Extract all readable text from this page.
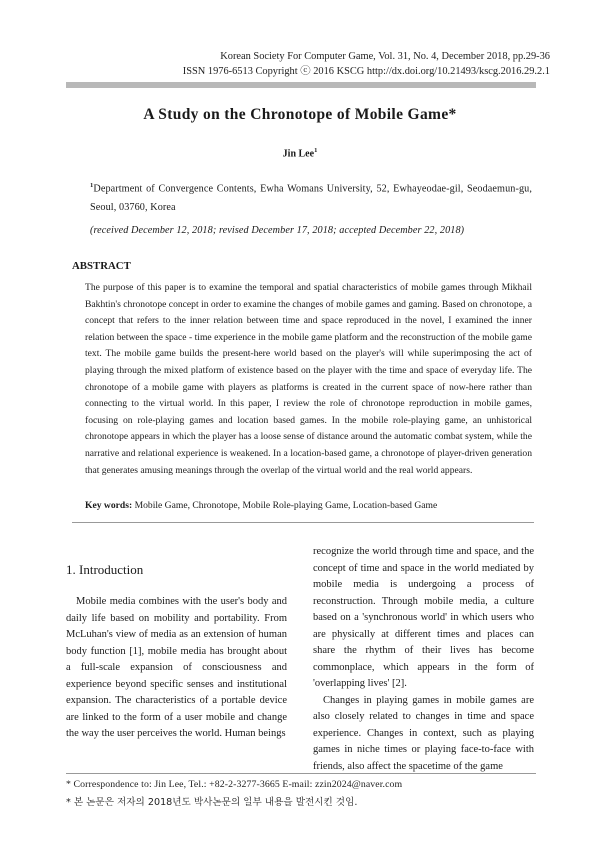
Korean Society For Computer Game, Vol. 31, No. 4, December 2018, pp.29-36
ISSN 1976-6513 Copyright ⓒ 2016 KSCG http://dx.doi.org/10.21493/kscg.2016.29.2.1
A Study on the Chronotope of Mobile Game*
Jin Lee$^1$
$^1$Department of Convergence Contents, Ewha Womans University, 52, Ewhayeodae-gil, Seodaemun-gu, Seoul, 03760, Korea
(received December 12, 2018; revised December 17, 2018; accepted December 22, 2018)
ABSTRACT
The purpose of this paper is to examine the temporal and spatial characteristics of mobile games through Mikhail Bakhtin's chronotope concept in order to examine the changes of mobile games and gaming. Based on chronotope, a concept that refers to the inner relation between time and space reproduced in the novel, I examined the inner relation between the space - time experience in the mobile game platform and the reconstruction of the mobile game text. The mobile game builds the present-here world based on the player's will while superimposing the act of playing through the mixed platform of existence based on the player with the time and space of everyday life. The chronotope of a mobile game with players as platforms is created in the current space of now-here rather than connecting to the virtual world. In this paper, I review the role of chronotope reproduction in mobile games, focusing on role-playing games and location based games. In the mobile role-playing game, an unhistorical chronotope appears in which the player has a loose sense of distance around the automatic combat system, while the narrative and relational experience is weakened. In a location-based game, a chronotope of player-driven generation that generates amusing meanings through the overlap of the virtual world and the real world appears.
Key words: Mobile Game, Chronotope, Mobile Role-playing Game, Location-based Game
1. Introduction
Mobile media combines with the user's body and daily life based on mobility and portability. From McLuhan's view of media as an extension of human body function [1], mobile media has brought about a full-scale expansion of consciousness and experience beyond specific senses and institutional expansion. The characteristics of a portable device are linked to the form of a user mobile and change the way the user perceives the world. Human beings

recognize the world through time and space, and the concept of time and space in the world mediated by mobile media is undergoing a process of reconstruction. Through mobile media, a culture based on a 'synchronous world' in which users who are physically at different times and places can share the rhythm of their lives has become commonplace, which appears in the form of 'overlapping lives' [2].

Changes in playing games in mobile games are also closely related to changes in time and space experience. Changes in context, such as playing games in niche times or playing face-to-face with friends, also affect the spacetime of the game

* Correspondence to: Jin Lee, Tel.: +82-2-3277-3665 E-mail: zzin2024@naver.com
* 본 논문은 저자의 2018년도 박사논문의 일부 내용을 발전시킨 것임.
